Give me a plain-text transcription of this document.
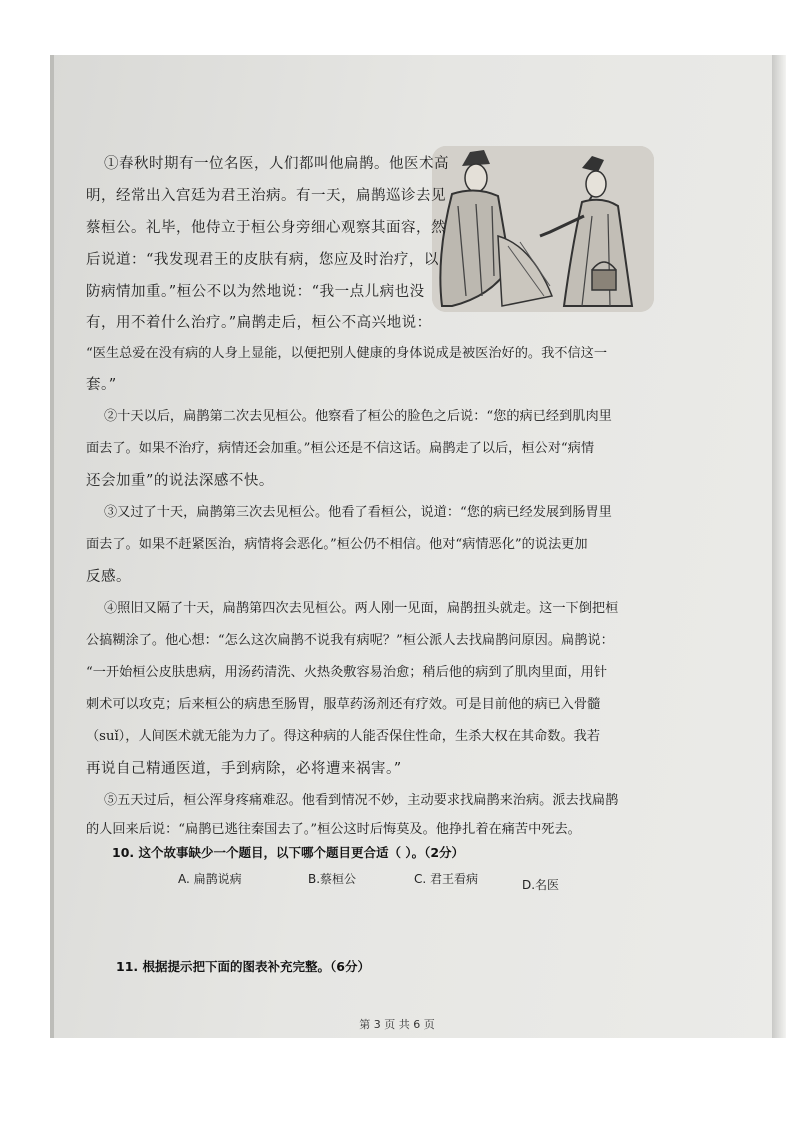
①春秋时期有一位名医，人们都叫他扁鹊。他医术高
明，经常出入宫廷为君王治病。有一天，扁鹊巡诊去见
蔡桓公。礼毕，他侍立于桓公身旁细心观察其面容，然
后说道：“我发现君王的皮肤有病，您应及时治疗，以
防病情加重。”桓公不以为然地说：“我一点儿病也没
有，用不着什么治疗。”扁鹊走后，桓公不高兴地说：
“医生总爱在没有病的人身上显能，以便把别人健康的身体说成是被医治好的。我不信这一
套。”
②十天以后，扁鹊第二次去见桓公。他察看了桓公的脸色之后说：“您的病已经到肌肉里
面去了。如果不治疗，病情还会加重。”桓公还是不信这话。扁鹊走了以后，桓公对“病情
还会加重”的说法深感不快。
③又过了十天，扁鹊第三次去见桓公。他看了看桓公，说道：“您的病已经发展到肠胃里
面去了。如果不赶紧医治，病情将会恶化。”桓公仍不相信。他对“病情恶化”的说法更加
反感。
④照旧又隔了十天，扁鹊第四次去见桓公。两人刚一见面，扁鹊扭头就走。这一下倒把桓
公搞糊涂了。他心想：“怎么这次扁鹊不说我有病呢？”桓公派人去找扁鹊问原因。扁鹊说：
“一开始桓公皮肤患病，用汤药清洗、火热灸敷容易治愈；稍后他的病到了肌肉里面，用针
刺术可以攻克；后来桓公的病患至肠胃，服草药汤剂还有疗效。可是目前他的病已入骨髓
（suǐ），人间医术就无能为力了。得这种病的人能否保住性命，生杀大权在其命数。我若
再说自己精通医道，手到病除，必将遭来祸害。”
⑤五天过后，桓公浑身疼痛难忍。他看到情况不妙，主动要求找扁鹊来治病。派去找扁鹊
的人回来后说：“扁鹊已逃往秦国去了。”桓公这时后悔莫及。他挣扎着在痛苦中死去。
10. 这个故事缺少一个题目，以下哪个题目更合适（ ）。（2分）
A. 扁鹊说病	B.蔡桓公	C. 君王看病	D.名医
11. 根据提示把下面的图表补充完整。（6分）
第 3 页 共 6 页
